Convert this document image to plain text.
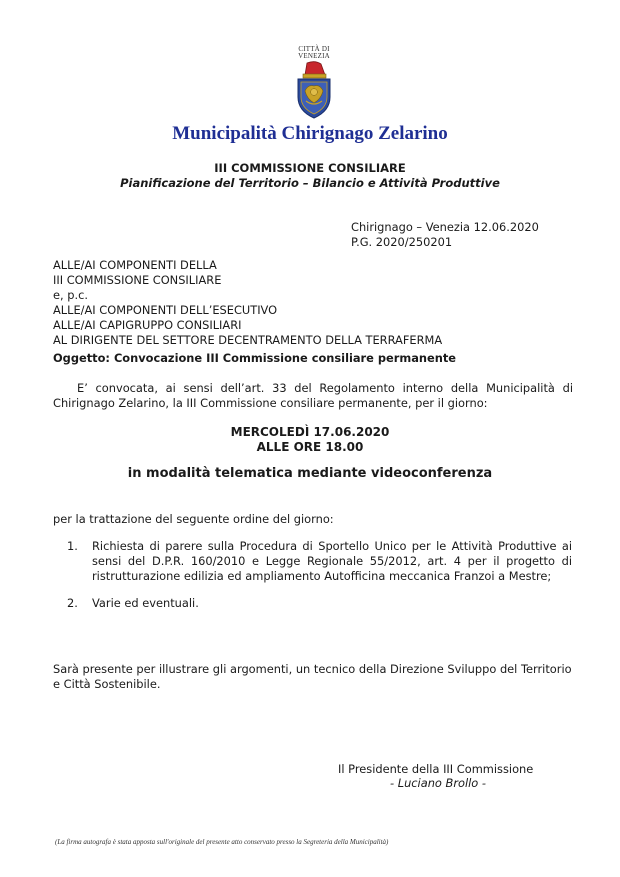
CITTÀ DI
VENEZIA
Municipalità Chirignago Zelarino
III COMMISSIONE CONSILIARE
Pianificazione del Territorio – Bilancio e Attività Produttive
Chirignago – Venezia 12.06.2020
P.G. 2020/250201
ALLE/AI COMPONENTI DELLA
III COMMISSIONE CONSILIARE
e, p.c.
ALLE/AI COMPONENTI DELL’ESECUTIVO
ALLE/AI CAPIGRUPPO CONSILIARI
AL DIRIGENTE DEL SETTORE DECENTRAMENTO DELLA TERRAFERMA
Oggetto: Convocazione III Commissione consiliare permanente

E’ convocata, ai sensi dell’art. 33 del Regolamento interno della Municipalità di Chirignago Zelarino, la III Commissione consiliare permanente, per il giorno:

MERCOLEDÌ 17.06.2020
ALLE ORE 18.00
in modalità telematica mediante videoconferenza
per la trattazione del seguente ordine del giorno:
1. Richiesta di parere sulla Procedura di Sportello Unico per le Attività Produttive ai sensi del D.P.R. 160/2010 e Legge Regionale 55/2012, art. 4 per il progetto di ristrutturazione edilizia ed ampliamento Autofficina meccanica Franzoi a Mestre;
2. Varie ed eventuali.
Sarà presente per illustrare gli argomenti, un tecnico della Direzione Sviluppo del Territorio e Città Sostenibile.
Il Presidente della III Commissione
- Luciano Brollo -
(La firma autografa è stata apposta sull'originale del presente atto conservato presso la Segreteria della Municipalità)
